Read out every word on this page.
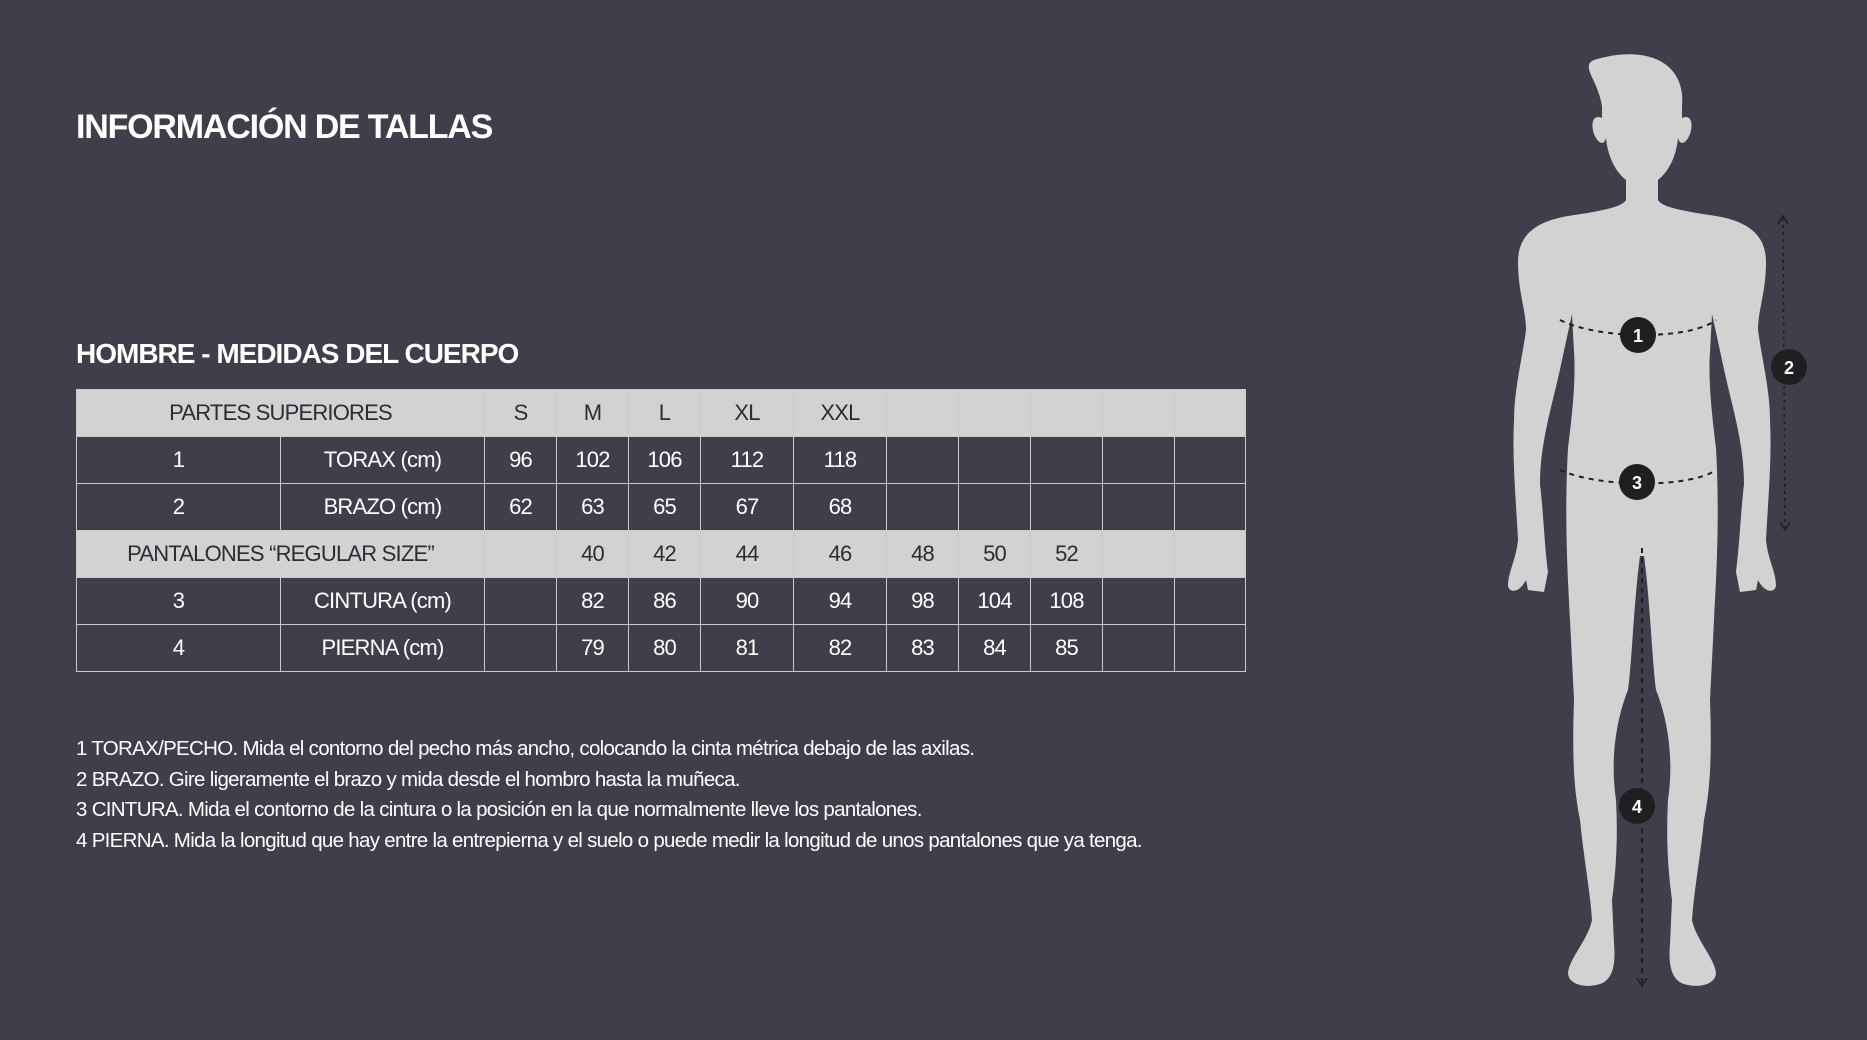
INFORMACIÓN DE TALLAS
HOMBRE - MEDIDAS DEL CUERPO
PARTES SUPERIORES		S	M	L	XL	XXL					
1	TORAX (cm)	96	102	106	112	118					
2	BRAZO (cm)	62	63	65	67	68					
PANTALONES “REGULAR SIZE”			40	42	44	46	48	50	52		
3	CINTURA (cm)		82	86	90	94	98	104	108		
4	PIERNA (cm)		79	80	81	82	83	84	85		
1 TORAX/PECHO. Mida el contorno del pecho más ancho, colocando la cinta métrica debajo de las axilas.
2 BRAZO. Gire ligeramente el brazo y mida desde el hombro hasta la muñeca.
3 CINTURA. Mida el contorno de la cintura o la posición en la que normalmente lleve los pantalones.
4 PIERNA. Mida la longitud que hay entre la entrepierna y el suelo o puede medir la longitud de unos pantalones que ya tenga.
1
2
3
4
